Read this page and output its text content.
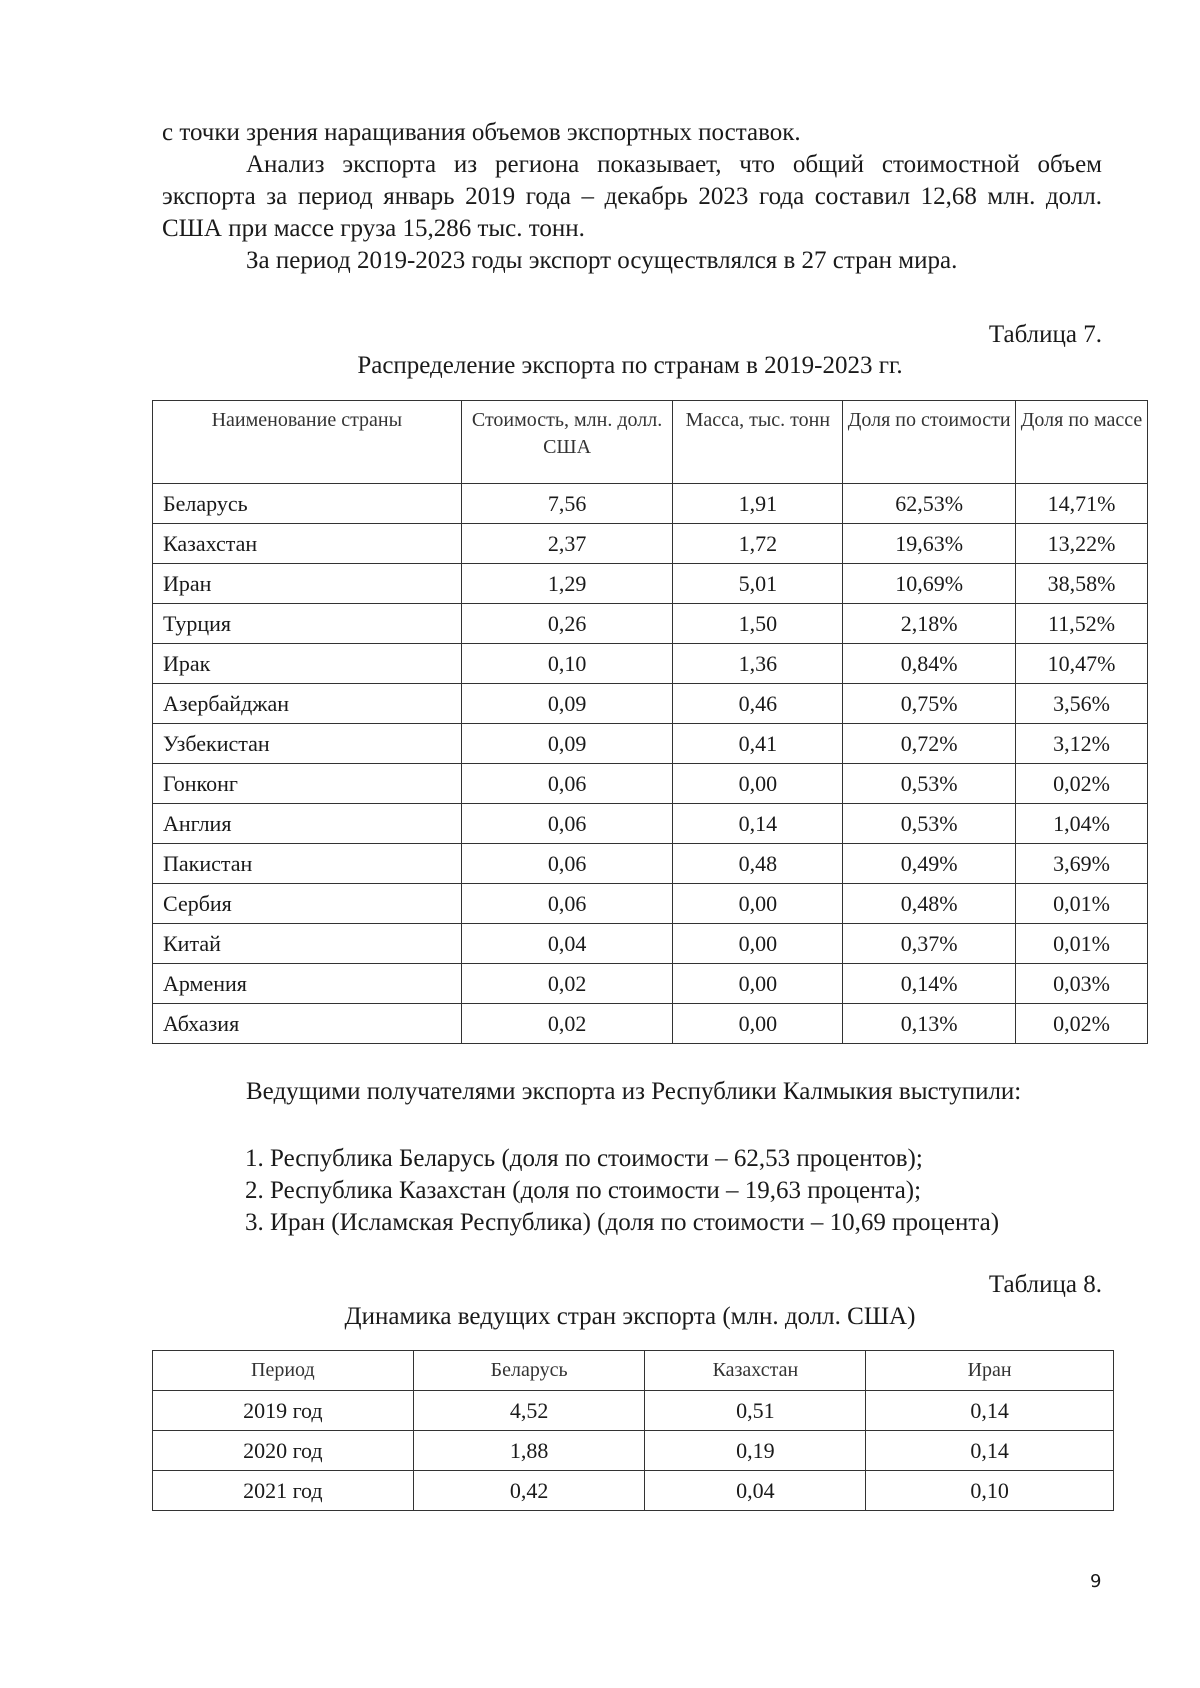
с точки зрения наращивания объемов экспортных поставок.

Анализ экспорта из региона показывает, что общий стоимостной объем экспорта за период январь 2019 года – декабрь 2023 года составил 12,68 млн. долл. США при массе груза 15,286 тыс. тонн.

За период 2019-2023 годы экспорт осуществлялся в 27 стран мира.

Таблица 7.
Распределение экспорта по странам в 2019-2023 гг.
Наименование страны	Стоимость, млн. долл. США	Масса, тыс. тонн	Доля по стоимости	Доля по массе
Беларусь	7,56	1,91	62,53%	14,71%
Казахстан	2,37	1,72	19,63%	13,22%
Иран	1,29	5,01	10,69%	38,58%
Турция	0,26	1,50	2,18%	11,52%
Ирак	0,10	1,36	0,84%	10,47%
Азербайджан	0,09	0,46	0,75%	3,56%
Узбекистан	0,09	0,41	0,72%	3,12%
Гонконг	0,06	0,00	0,53%	0,02%
Англия	0,06	0,14	0,53%	1,04%
Пакистан	0,06	0,48	0,49%	3,69%
Сербия	0,06	0,00	0,48%	0,01%
Китай	0,04	0,00	0,37%	0,01%
Армения	0,02	0,00	0,14%	0,03%
Абхазия	0,02	0,00	0,13%	0,02%

Ведущими получателями экспорта из Республики Калмыкия выступили:

1. Республика Беларусь (доля по стоимости – 62,53 процентов);
2. Республика Казахстан (доля по стоимости – 19,63 процента);
3. Иран (Исламская Республика) (доля по стоимости – 10,69 процента)
Таблица 8.
Динамика ведущих стран экспорта (млн. долл. США)
Период	Беларусь	Казахстан	Иран
2019 год	4,52	0,51	0,14
2020 год	1,88	0,19	0,14
2021 год	0,42	0,04	0,10
9
